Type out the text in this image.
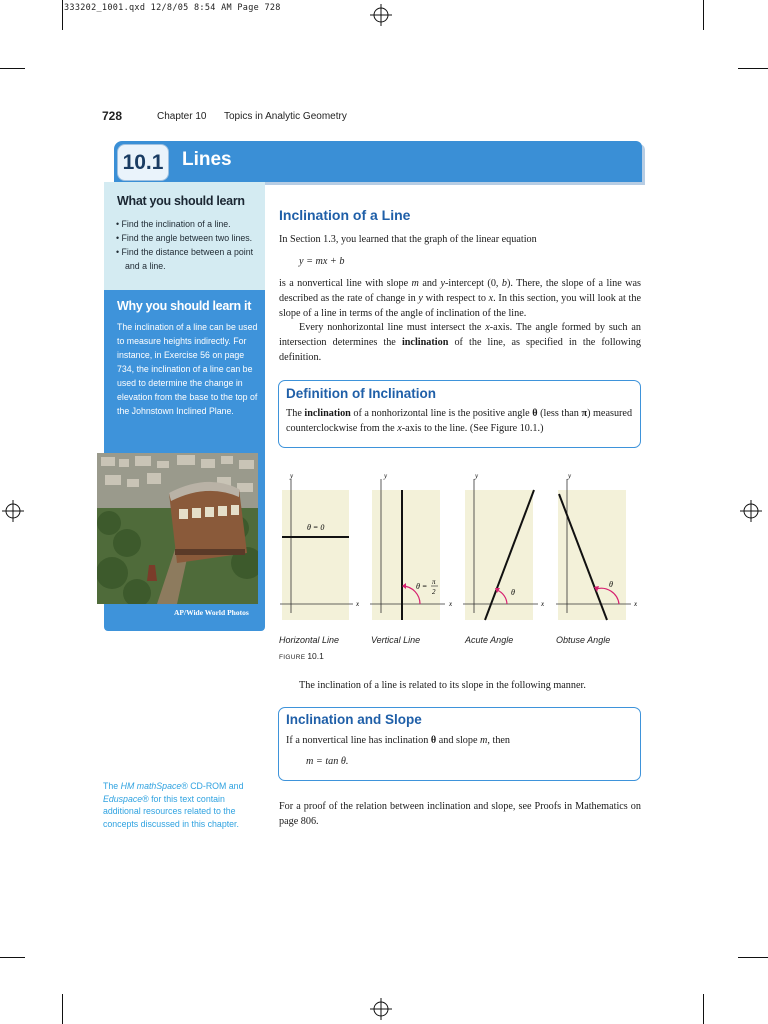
333202_1001.qxd 12/8/05 8:54 AM Page 728
728	Chapter 10 Topics in Analytic Geometry
10.1 Lines
What you should learn
• Find the inclination of a line.
• Find the angle between two lines.
• Find the distance between a point and a line.
Why you should learn it
The inclination of a line can be used to measure heights indirectly. For instance, in Exercise 56 on page 734, the inclination of a line can be used to determine the change in elevation from the base to the top of the Johnstown Inclined Plane.
AP/Wide World Photos
The HM mathSpace® CD-ROM and Eduspace® for this text contain additional resources related to the concepts discussed in this chapter.
Inclination of a Line
In Section 1.3, you learned that the graph of the linear equation
y = mx + b
is a nonvertical line with slope m and y-intercept (0, b). There, the slope of a line was described as the rate of change in y with respect to x. In this section, you will look at the slope of a line in terms of the angle of inclination of the line.
Every nonhorizontal line must intersect the x-axis. The angle formed by such an intersection determines the inclination of the line, as specified in the following definition.
Definition of Inclination
The inclination of a nonhorizontal line is the positive angle θ (less than π) measured counterclockwise from the x-axis to the line. (See Figure 10.1.)
y
x
θ = 0
y
x
θ = π
2
y
x
θ
y
x
θ
Horizontal Line	Vertical Line	Acute Angle	Obtuse Angle
FIGURE 10.1
The inclination of a line is related to its slope in the following manner.
Inclination and Slope
If a nonvertical line has inclination θ and slope m, then
m = tan θ.
For a proof of the relation between inclination and slope, see Proofs in Mathematics on page 806.
